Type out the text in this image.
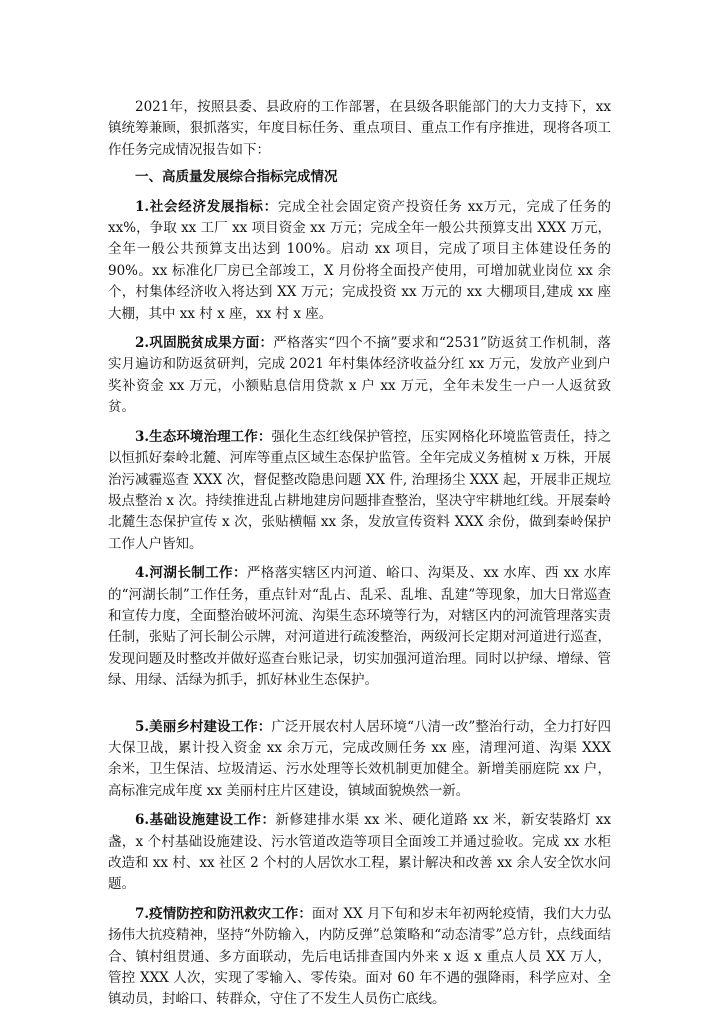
2021年，按照县委、县政府的工作部署，在县级各职能部门的大力支持下，xx镇统筹兼顾，狠抓落实，年度目标任务、重点项目、重点工作有序推进，现将各项工作任务完成情况报告如下：

一、高质量发展综合指标完成情况

1.社会经济发展指标：完成全社会固定资产投资任务 xx万元，完成了任务的 xx%，争取 xx 工厂 xx 项目资金 xx 万元；完成全年一般公共预算支出 XXX 万元，全年一般公共预算支出达到 100%。启动 xx 项目，完成了项目主体建设任务的 90%。xx 标准化厂房已全部竣工，X 月份将全面投产使用，可增加就业岗位 xx 余个，村集体经济收入将达到 XX 万元；完成投资 xx 万元的 xx 大棚项目,建成 xx 座大棚，其中 xx 村 x 座，xx 村 x 座。

2.巩固脱贫成果方面：严格落实“四个不摘”要求和“2531”防返贫工作机制，落实月遍访和防返贫研判，完成 2021 年村集体经济收益分红 xx 万元，发放产业到户奖补资金 xx 万元，小额贴息信用贷款 x 户 xx 万元，全年未发生一户一人返贫致贫。

3.生态环境治理工作：强化生态红线保护管控，压实网格化环境监管责任，持之以恒抓好秦岭北麓、河库等重点区域生态保护监管。全年完成义务植树 x 万株，开展治污减霾巡查 XXX 次，督促整改隐患问题 XX 件, 治理扬尘 XXX 起，开展非正规垃圾点整治 x 次。持续推进乱占耕地建房问题排查整治，坚决守牢耕地红线。开展秦岭北麓生态保护宣传 x 次，张贴横幅 xx 条，发放宣传资料 XXX 余份，做到秦岭保护工作人户皆知。

4.河湖长制工作：严格落实辖区内河道、峪口、沟渠及、xx 水库、西 xx 水库的“河湖长制”工作任务，重点针对“乱占、乱采、乱堆、乱建”等现象，加大日常巡查和宣传力度，全面整治破坏河流、沟渠生态环境等行为，对辖区内的河流管理落实责任制，张贴了河长制公示牌，对河道进行疏浚整治，两级河长定期对河道进行巡查，发现问题及时整改并做好巡查台账记录，切实加强河道治理。同时以护绿、增绿、管绿、用绿、活绿为抓手，抓好林业生态保护。

5.美丽乡村建设工作：广泛开展农村人居环境“八清一改”整治行动，全力打好四大保卫战，累计投入资金 xx 余万元，完成改厕任务 xx 座，清理河道、沟渠 XXX 余米，卫生保洁、垃圾清运、污水处理等长效机制更加健全。新增美丽庭院 xx 户，高标准完成年度 xx 美丽村庄片区建设，镇域面貌焕然一新。

6.基础设施建设工作：新修建排水渠 xx 米、硬化道路 xx 米，新安装路灯 xx 盏，x 个村基础设施建设、污水管道改造等项目全面竣工并通过验收。完成 xx 水柜改造和 xx 村、xx 社区 2 个村的人居饮水工程，累计解决和改善 xx 余人安全饮水问题。

7.疫情防控和防汛救灾工作：面对 XX 月下旬和岁末年初两轮疫情，我们大力弘扬伟大抗疫精神，坚持“外防输入，内防反弹”总策略和“动态清零”总方针，点线面结合、镇村组贯通、多方面联动，先后电话排查国内外来 x 返 x 重点人员 XX 万人，管控 XXX 人次，实现了零输入、零传染。面对 60 年不遇的强降雨，科学应对、全镇动员，封峪口、转群众，守住了不发生人员伤亡底线。
